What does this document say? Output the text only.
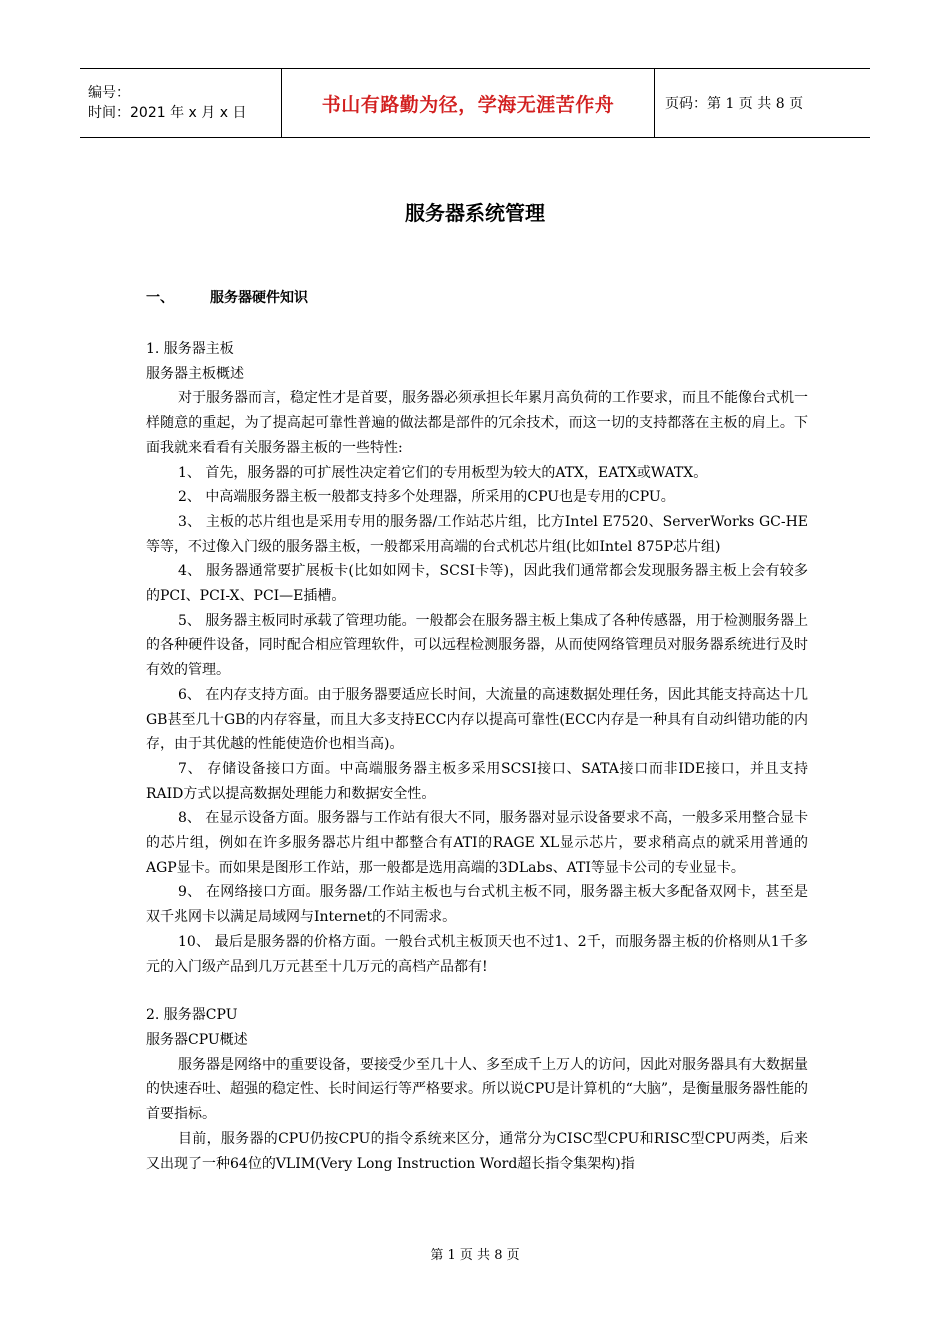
编号：
时间：2021 年 x 月 x 日	书山有路勤为径，学海无涯苦作舟	页码：第 1 页 共 8 页
服务器系统管理
一、	服务器硬件知识

1. 服务器主板

服务器主板概述

对于服务器而言，稳定性才是首要，服务器必须承担长年累月高负荷的工作要求，而且不能像台式机一样随意的重起，为了提高起可靠性普遍的做法都是部件的冗余技术，而这一切的支持都落在主板的肩上。下面我就来看看有关服务器主板的一些特性:

1、 首先，服务器的可扩展性决定着它们的专用板型为较大的ATX，EATX或WATX。

2、 中高端服务器主板一般都支持多个处理器，所采用的CPU也是专用的CPU。

3、 主板的芯片组也是采用专用的服务器/工作站芯片组，比方Intel E7520、ServerWorks GC-HE等等，不过像入门级的服务器主板，一般都采用高端的台式机芯片组(比如Intel 875P芯片组)

4、 服务器通常要扩展板卡(比如如网卡，SCSI卡等)，因此我们通常都会发现服务器主板上会有较多的PCI、PCI-X、PCI—E插槽。

5、 服务器主板同时承载了管理功能。一般都会在服务器主板上集成了各种传感器，用于检测服务器上的各种硬件设备，同时配合相应管理软件，可以远程检测服务器，从而使网络管理员对服务器系统进行及时有效的管理。

6、 在内存支持方面。由于服务器要适应长时间，大流量的高速数据处理任务，因此其能支持高达十几GB甚至几十GB的内存容量，而且大多支持ECC内存以提高可靠性(ECC内存是一种具有自动纠错功能的内存，由于其优越的性能使造价也相当高)。

7、 存储设备接口方面。中高端服务器主板多采用SCSI接口、SATA接口而非IDE接口，并且支持RAID方式以提高数据处理能力和数据安全性。

8、 在显示设备方面。服务器与工作站有很大不同，服务器对显示设备要求不高，一般多采用整合显卡的芯片组，例如在许多服务器芯片组中都整合有ATI的RAGE XL显示芯片，要求稍高点的就采用普通的AGP显卡。而如果是图形工作站，那一般都是选用高端的3DLabs、ATI等显卡公司的专业显卡。

9、 在网络接口方面。服务器/工作站主板也与台式机主板不同，服务器主板大多配备双网卡，甚至是双千兆网卡以满足局域网与Internet的不同需求。

10、 最后是服务器的价格方面。一般台式机主板顶天也不过1、2千，而服务器主板的价格则从1千多元的入门级产品到几万元甚至十几万元的高档产品都有!

2. 服务器CPU

服务器CPU概述

服务器是网络中的重要设备，要接受少至几十人、多至成千上万人的访问，因此对服务器具有大数据量的快速吞吐、超强的稳定性、长时间运行等严格要求。所以说CPU是计算机的“大脑”，是衡量服务器性能的首要指标。

目前，服务器的CPU仍按CPU的指令系统来区分，通常分为CISC型CPU和RISC型CPU两类，后来又出现了一种64位的VLIM(Very Long Instruction Word超长指令集架构)指

第 1 页 共 8 页
